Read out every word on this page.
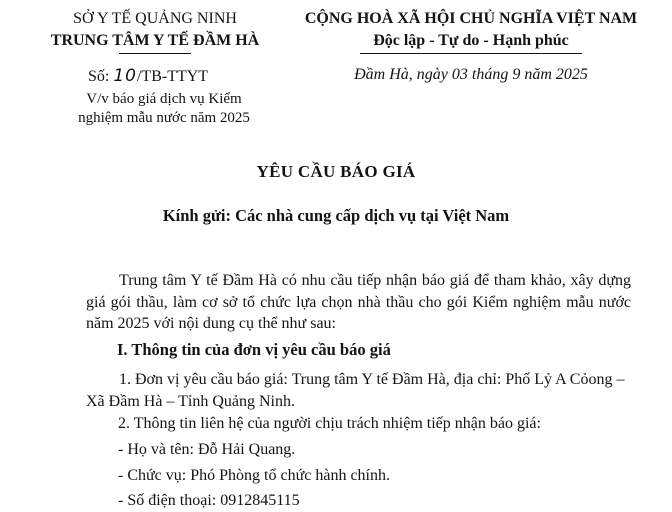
SỞ Y TẾ QUẢNG NINH
TRUNG TÂM Y TẾ ĐẦM HÀ
CỘNG HOÀ XÃ HỘI CHỦ NGHĨA VIỆT NAM
Độc lập - Tự do - Hạnh phúc
Số: 10/TB-TTYT
V/v báo giá dịch vụ Kiểm nghiệm mẫu nước năm 2025
Đầm Hà, ngày 03 tháng 9 năm 2025
YÊU CẦU BÁO GIÁ
Kính gửi: Các nhà cung cấp dịch vụ tại Việt Nam
Trung tâm Y tế Đầm Hà có nhu cầu tiếp nhận báo giá để tham khảo, xây dựng giá gói thầu, làm cơ sở tổ chức lựa chọn nhà thầu cho gói Kiểm nghiệm mẫu nước năm 2025 với nội dung cụ thể như sau:
I. Thông tin của đơn vị yêu cầu báo giá
1. Đơn vị yêu cầu báo giá: Trung tâm Y tế Đầm Hà, địa chỉ: Phố Lỷ A Cỏong – Xã Đầm Hà – Tỉnh Quảng Ninh.
2. Thông tin liên hệ của người chịu trách nhiệm tiếp nhận báo giá:
- Họ và tên: Đỗ Hải Quang.
- Chức vụ: Phó Phòng tổ chức hành chính.
- Số điện thoại: 0912845115
